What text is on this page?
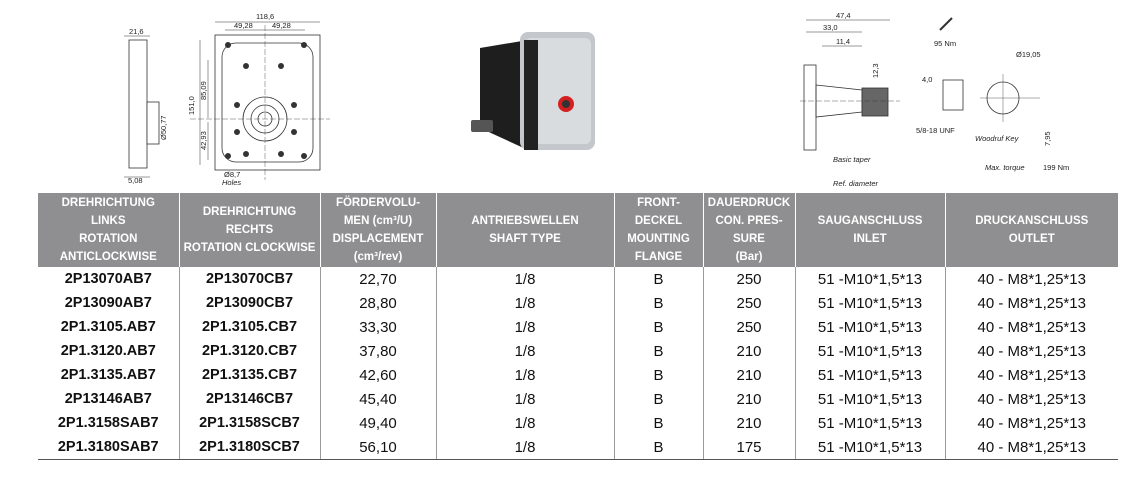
21,6
118,6
49,28	49,28
151,0
85,09
42,93
Ø50,77
5,08
Ø8,7
Holes
47,4
33,0
11,4	95 Nm
Ø19,05
12,3
4,0
5/8-18 UNF
Woodruf Key	7,95
Basic taper
Ref. diameter
Max. torque 199 Nm
DREHRICHTUNG
LINKS
ROTATION
ANTICLOCKWISE	DREHRICHTUNG
RECHTS
ROTATION CLOCKWISE	FÖRDERVOLU-
MEN (cm³/U)
DISPLACEMENT
(cm³/rev)	ANTRIEBSWELLEN
SHAFT TYPE	FRONT-
DECKEL
MOUNTING
FLANGE	DAUERDRUCK
CON. PRES-
SURE
(Bar)	SAUGANSCHLUSS
INLET	DRUCKANSCHLUSS
OUTLET

2P13070AB7	2P13070CB7	22,70	1/8	B	250	51 -M10*1,5*13	40 - M8*1,25*13
2P13090AB7	2P13090CB7	28,80	1/8	B	250	51 -M10*1,5*13	40 - M8*1,25*13
2P1.3105.AB7	2P1.3105.CB7	33,30	1/8	B	250	51 -M10*1,5*13	40 - M8*1,25*13
2P1.3120.AB7	2P1.3120.CB7	37,80	1/8	B	210	51 -M10*1,5*13	40 - M8*1,25*13
2P1.3135.AB7	2P1.3135.CB7	42,60	1/8	B	210	51 -M10*1,5*13	40 - M8*1,25*13
2P13146AB7	2P13146CB7	45,40	1/8	B	210	51 -M10*1,5*13	40 - M8*1,25*13
2P1.3158SAB7	2P1.3158SCB7	49,40	1/8	B	210	51 -M10*1,5*13	40 - M8*1,25*13
2P1.3180SAB7	2P1.3180SCB7	56,10	1/8	B	175	51 -M10*1,5*13	40 - M8*1,25*13
